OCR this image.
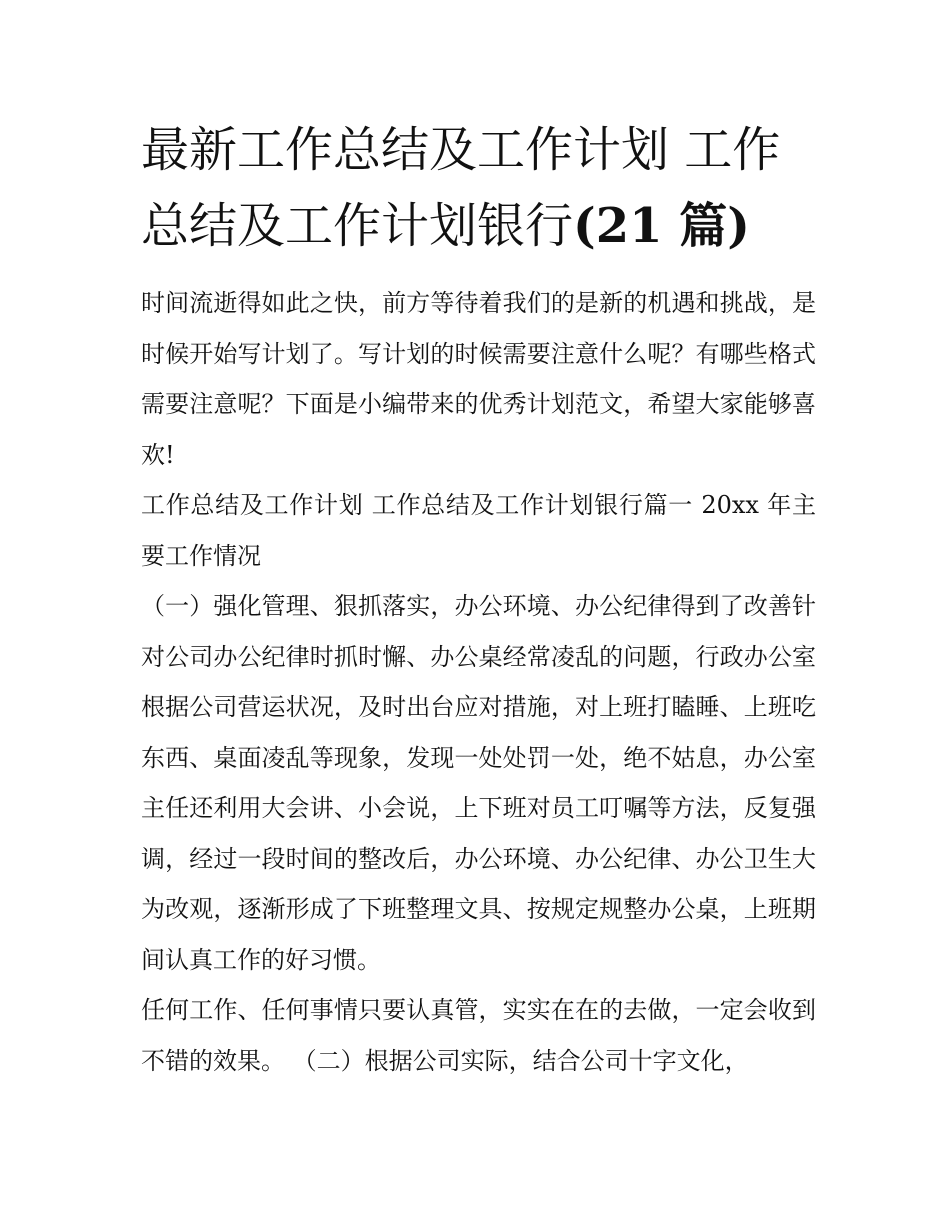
最新工作总结及工作计划 工作总结及工作计划银行(21 篇)

时间流逝得如此之快，前方等待着我们的是新的机遇和挑战，是时候开始写计划了。写计划的时候需要注意什么呢？有哪些格式需要注意呢？下面是小编带来的优秀计划范文，希望大家能够喜欢!

工作总结及工作计划 工作总结及工作计划银行篇一 20xx 年主要工作情况

（一）强化管理、狠抓落实，办公环境、办公纪律得到了改善针对公司办公纪律时抓时懈、办公桌经常凌乱的问题，行政办公室根据公司营运状况，及时出台应对措施，对上班打瞌睡、上班吃东西、桌面凌乱等现象，发现一处处罚一处，绝不姑息，办公室主任还利用大会讲、小会说，上下班对员工叮嘱等方法，反复强调，经过一段时间的整改后，办公环境、办公纪律、办公卫生大为改观，逐渐形成了下班整理文具、按规定规整办公桌，上班期间认真工作的好习惯。

任何工作、任何事情只要认真管，实实在在的去做，一定会收到不错的效果。 （二）根据公司实际，结合公司十字文化，
